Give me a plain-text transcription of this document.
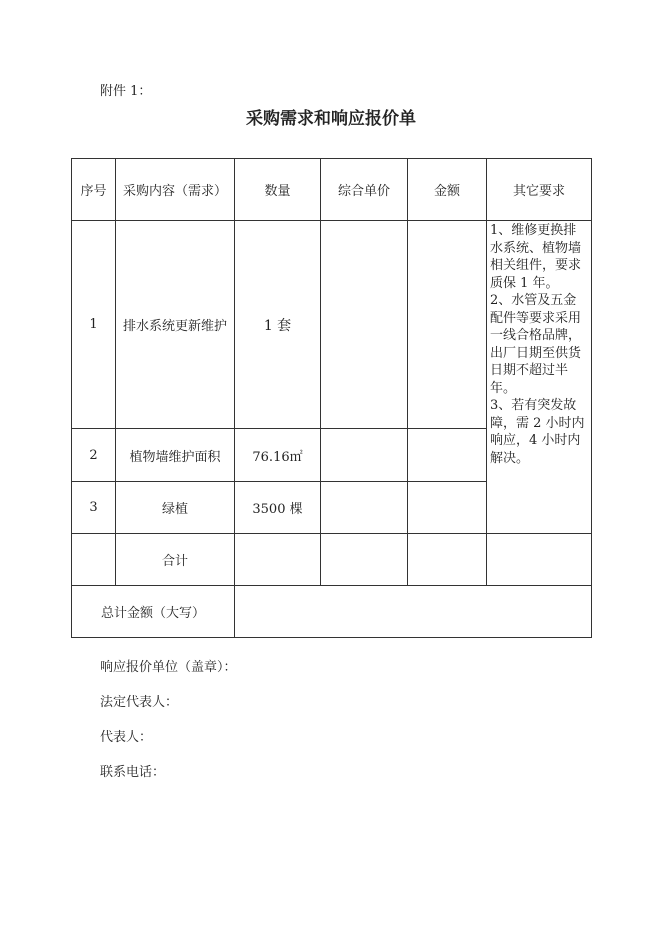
附件 1：
采购需求和响应报价单
序号	采购内容（需求）	数量	综合单价	金额	其它要求
1	排水系统更新维护	1 套			1、维修更换排水系统、植物墙相关组件，要求质保 1 年。
2、水管及五金配件等要求采用一线合格品牌，出厂日期至供货日期不超过半年。
3、若有突发故障，需 2 小时内响应，4 小时内解决。

2	植物墙维护面积	76.16㎡			
3	绿植	3500 棵			
	合计				
总计金额（大写）					
响应报价单位（盖章）：
法定代表人：
代表人：
联系电话：
